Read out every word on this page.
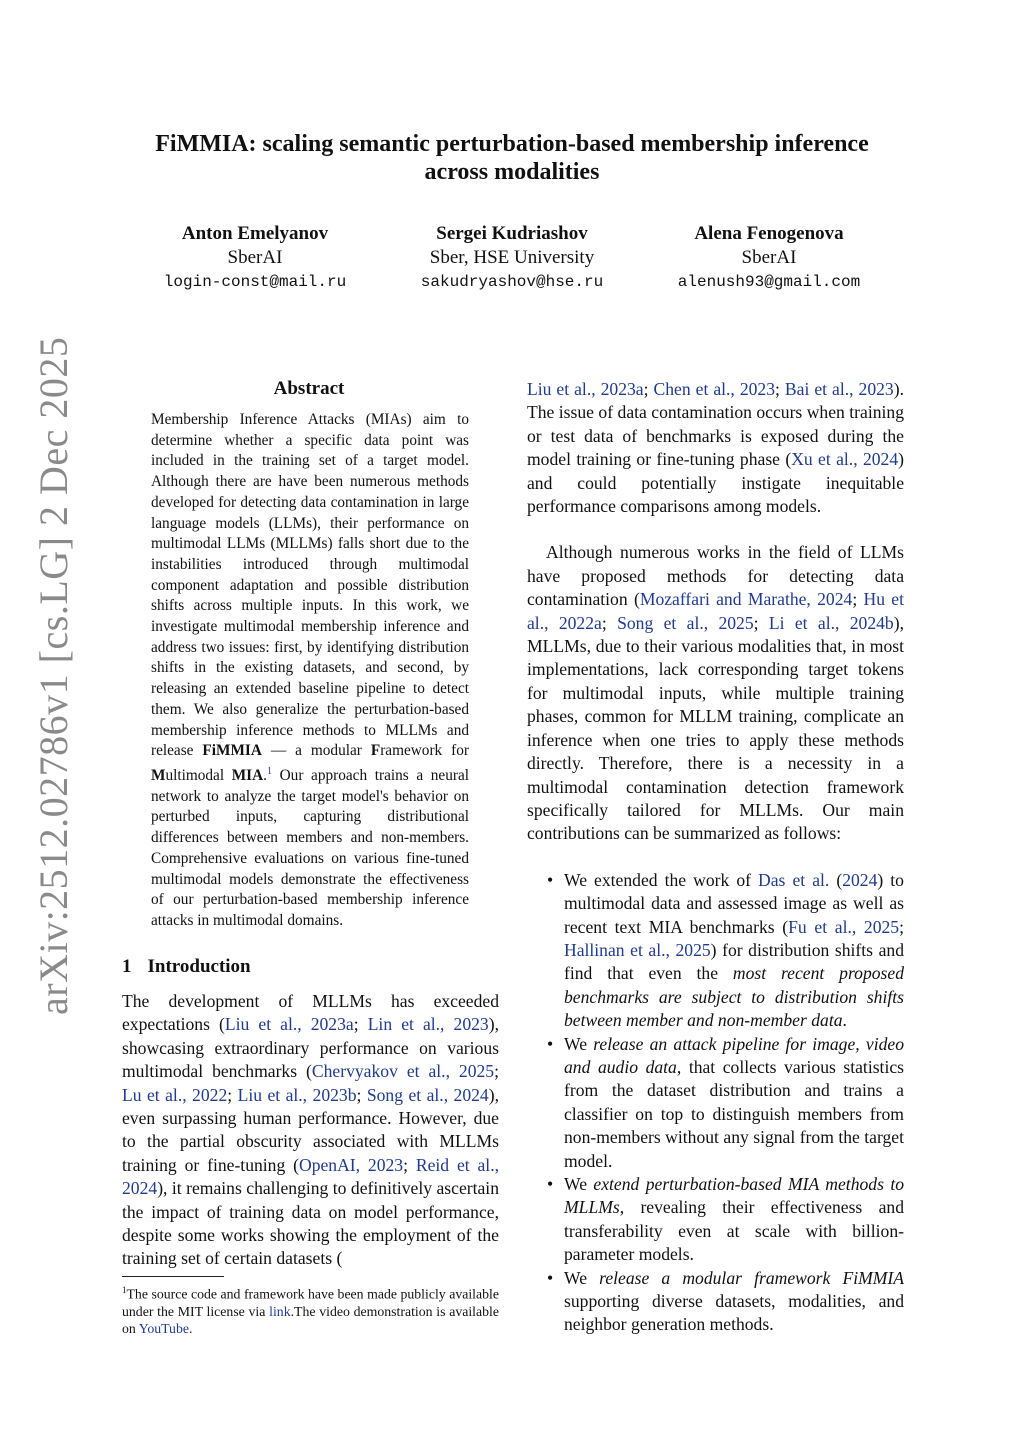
arXiv:2512.02786v1 [cs.LG] 2 Dec 2025
FiMMIA: scaling semantic perturbation-based membership inference
across modalities
Anton Emelyanov
SberAI
login-const@mail.ru
Sergei Kudriashov
Sber, HSE University
sakudryashov@hse.ru
Alena Fenogenova
SberAI
alenush93@gmail.com
Abstract

Membership Inference Attacks (MIAs) aim to determine whether a specific data point was included in the training set of a target model. Although there are have been numerous methods developed for detecting data contamination in large language models (LLMs), their performance on multimodal LLMs (MLLMs) falls short due to the instabilities introduced through multimodal component adaptation and possible distribution shifts across multiple inputs. In this work, we investigate multimodal membership inference and address two issues: first, by identifying distribution shifts in the existing datasets, and second, by releasing an extended baseline pipeline to detect them. We also generalize the perturbation-based membership inference methods to MLLMs and release FiMMIA — a modular Framework for Multimodal MIA.$^1$ Our approach trains a neural network to analyze the target model's behavior on perturbed inputs, capturing distributional differences between members and non-members. Comprehensive evaluations on various fine-tuned multimodal models demonstrate the effectiveness of our perturbation-based membership inference attacks in multimodal domains.

1 Introduction

The development of MLLMs has exceeded expectations (Liu et al., 2023a; Lin et al., 2023), showcasing extraordinary performance on various multimodal benchmarks (Chervyakov et al., 2025; Lu et al., 2022; Liu et al., 2023b; Song et al., 2024), even surpassing human performance. However, due to the partial obscurity associated with MLLMs training or fine-tuning (OpenAI, 2023; Reid et al., 2024), it remains challenging to definitively ascertain the impact of training data on model performance, despite some works showing the employment of the training set of certain datasets (

$^1$The source code and framework have been made publicly available under the MIT license via link.The video demonstration is available on YouTube.

Liu et al., 2023a; Chen et al., 2023; Bai et al., 2023). The issue of data contamination occurs when training or test data of benchmarks is exposed during the model training or fine-tuning phase (Xu et al., 2024) and could potentially instigate inequitable performance comparisons among models.

Although numerous works in the field of LLMs have proposed methods for detecting data contamination (Mozaffari and Marathe, 2024; Hu et al., 2022a; Song et al., 2025; Li et al., 2024b), MLLMs, due to their various modalities that, in most implementations, lack corresponding target tokens for multimodal inputs, while multiple training phases, common for MLLM training, complicate an inference when one tries to apply these methods directly. Therefore, there is a necessity in a multimodal contamination detection framework specifically tailored for MLLMs. Our main contributions can be summarized as follows:

• We extended the work of Das et al. (2024) to multimodal data and assessed image as well as recent text MIA benchmarks (Fu et al., 2025; Hallinan et al., 2025) for distribution shifts and find that even the most recent proposed benchmarks are subject to distribution shifts between member and non-member data.
• We release an attack pipeline for image, video and audio data, that collects various statistics from the dataset distribution and trains a classifier on top to distinguish members from non-members without any signal from the target model.
• We extend perturbation-based MIA methods to MLLMs, revealing their effectiveness and transferability even at scale with billion-parameter models.
• We release a modular framework FiMMIA supporting diverse datasets, modalities, and neighbor generation methods.
